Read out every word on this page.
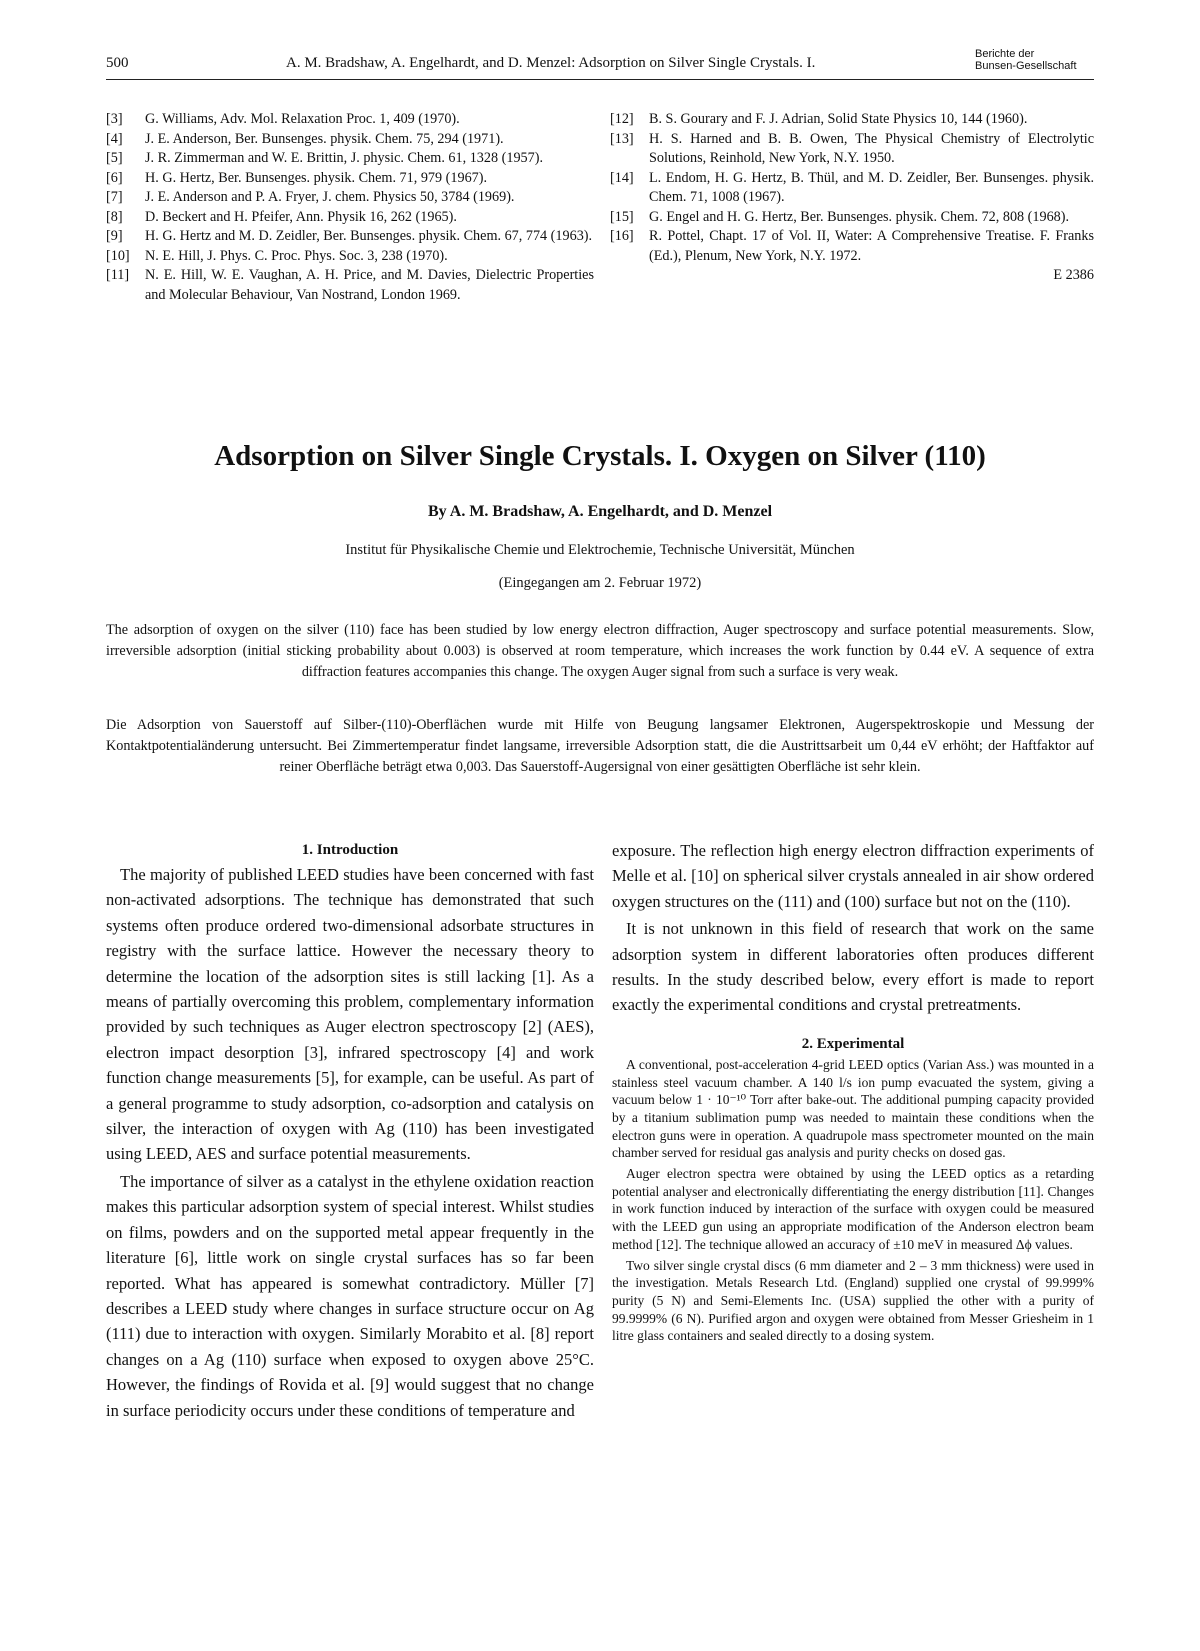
500	A. M. Bradshaw, A. Engelhardt, and D. Menzel: Adsorption on Silver Single Crystals. I.
Berichte der
Bunsen-Gesellschaft
[3]	G. Williams, Adv. Mol. Relaxation Proc. 1, 409 (1970).
[4]	J. E. Anderson, Ber. Bunsenges. physik. Chem. 75, 294 (1971).
[5]	J. R. Zimmerman and W. E. Brittin, J. physic. Chem. 61, 1328 (1957).
[6]	H. G. Hertz, Ber. Bunsenges. physik. Chem. 71, 979 (1967).
[7]	J. E. Anderson and P. A. Fryer, J. chem. Physics 50, 3784 (1969).
[8]	D. Beckert and H. Pfeifer, Ann. Physik 16, 262 (1965).
[9]	H. G. Hertz and M. D. Zeidler, Ber. Bunsenges. physik. Chem. 67, 774 (1963).
[10]	N. E. Hill, J. Phys. C. Proc. Phys. Soc. 3, 238 (1970).
[11]	N. E. Hill, W. E. Vaughan, A. H. Price, and M. Davies, Dielectric Properties and Molecular Behaviour, Van Nostrand, London 1969.
[12]	B. S. Gourary and F. J. Adrian, Solid State Physics 10, 144 (1960).
[13]	H. S. Harned and B. B. Owen, The Physical Chemistry of Electrolytic Solutions, Reinhold, New York, N.Y. 1950.
[14]	L. Endom, H. G. Hertz, B. Thül, and M. D. Zeidler, Ber. Bunsenges. physik. Chem. 71, 1008 (1967).
[15]	G. Engel and H. G. Hertz, Ber. Bunsenges. physik. Chem. 72, 808 (1968).
[16]	R. Pottel, Chapt. 17 of Vol. II, Water: A Comprehensive Treatise. F. Franks (Ed.), Plenum, New York, N.Y. 1972.
E 2386
Adsorption on Silver Single Crystals. I. Oxygen on Silver (110)
By A. M. Bradshaw, A. Engelhardt, and D. Menzel
Institut für Physikalische Chemie und Elektrochemie, Technische Universität, München
(Eingegangen am 2. Februar 1972)

The adsorption of oxygen on the silver (110) face has been studied by low energy electron diffraction, Auger spectroscopy and surface potential measurements. Slow, irreversible adsorption (initial sticking probability about 0.003) is observed at room temperature, which increases the work function by 0.44 eV. A sequence of extra diffraction features accompanies this change. The oxygen Auger signal from such a surface is very weak.

Die Adsorption von Sauerstoff auf Silber-(110)-Oberflächen wurde mit Hilfe von Beugung langsamer Elektronen, Augerspektroskopie und Messung der Kontaktpotentialänderung untersucht. Bei Zimmertemperatur findet langsame, irreversible Adsorption statt, die die Austrittsarbeit um 0,44 eV erhöht; der Haftfaktor auf reiner Oberfläche beträgt etwa 0,003. Das Sauerstoff-Augersignal von einer gesättigten Oberfläche ist sehr klein.

1. Introduction

The majority of published LEED studies have been concerned with fast non-activated adsorptions. The technique has demonstrated that such systems often produce ordered two-dimensional adsorbate structures in registry with the surface lattice. However the necessary theory to determine the location of the adsorption sites is still lacking [1]. As a means of partially overcoming this problem, complementary information provided by such techniques as Auger electron spectroscopy [2] (AES), electron impact desorption [3], infrared spectroscopy [4] and work function change measurements [5], for example, can be useful. As part of a general programme to study adsorption, co-adsorption and catalysis on silver, the interaction of oxygen with Ag (110) has been investigated using LEED, AES and surface potential measurements.

The importance of silver as a catalyst in the ethylene oxidation reaction makes this particular adsorption system of special interest. Whilst studies on films, powders and on the supported metal appear frequently in the literature [6], little work on single crystal surfaces has so far been reported. What has appeared is somewhat contradictory. Müller [7] describes a LEED study where changes in surface structure occur on Ag (111) due to interaction with oxygen. Similarly Morabito et al. [8] report changes on a Ag (110) surface when exposed to oxygen above 25°C. However, the findings of Rovida et al. [9] would suggest that no change in surface periodicity occurs under these conditions of temperature and

exposure. The reflection high energy electron diffraction experiments of Melle et al. [10] on spherical silver crystals annealed in air show ordered oxygen structures on the (111) and (100) surface but not on the (110).

It is not unknown in this field of research that work on the same adsorption system in different laboratories often produces different results. In the study described below, every effort is made to report exactly the experimental conditions and crystal pretreatments.

2. Experimental

A conventional, post-acceleration 4-grid LEED optics (Varian Ass.) was mounted in a stainless steel vacuum chamber. A 140 l/s ion pump evacuated the system, giving a vacuum below 1 · 10⁻¹⁰ Torr after bake-out. The additional pumping capacity provided by a titanium sublimation pump was needed to maintain these conditions when the electron guns were in operation. A quadrupole mass spectrometer mounted on the main chamber served for residual gas analysis and purity checks on dosed gas.

Auger electron spectra were obtained by using the LEED optics as a retarding potential analyser and electronically differentiating the energy distribution [11]. Changes in work function induced by interaction of the surface with oxygen could be measured with the LEED gun using an appropriate modification of the Anderson electron beam method [12]. The technique allowed an accuracy of ±10 meV in measured Δϕ values.

Two silver single crystal discs (6 mm diameter and 2 – 3 mm thickness) were used in the investigation. Metals Research Ltd. (England) supplied one crystal of 99.999% purity (5 N) and Semi-Elements Inc. (USA) supplied the other with a purity of 99.9999% (6 N). Purified argon and oxygen were obtained from Messer Griesheim in 1 litre glass containers and sealed directly to a dosing system.
